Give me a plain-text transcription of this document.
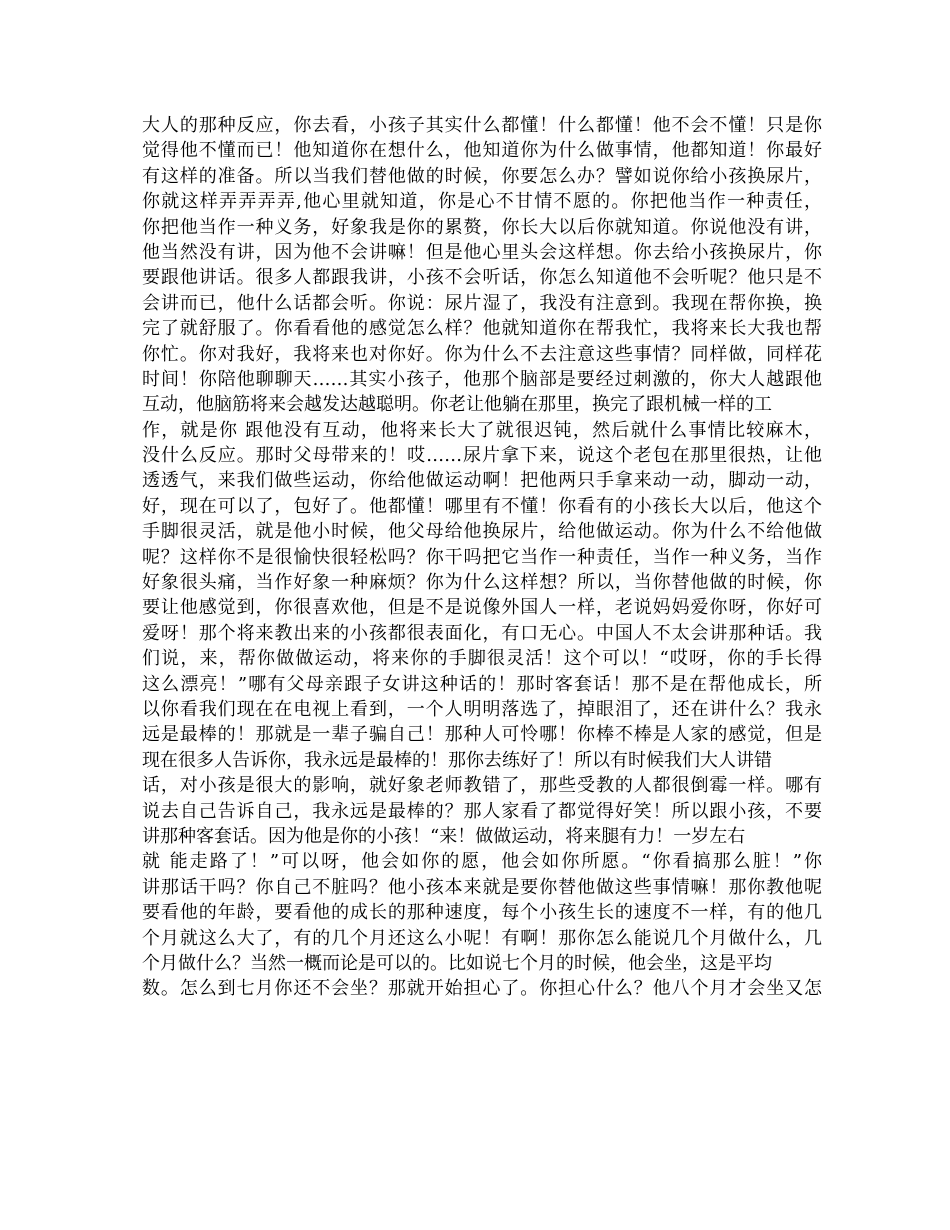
大人的那种反应，你去看，小孩子其实什么都懂！什么都懂！他不会不懂！只是你
觉得他不懂而已！他知道你在想什么，他知道你为什么做事情，他都知道！你最好
有这样的准备。所以当我们替他做的时候，你要怎么办？譬如说你给小孩换尿片，
你就这样弄弄弄弄,他心里就知道，你是心不甘情不愿的。你把他当作一种责任，
你把他当作一种义务，好象我是你的累赘，你长大以后你就知道。你说他没有讲，
他当然没有讲，因为他不会讲嘛！但是他心里头会这样想。你去给小孩换尿片，你
要跟他讲话。很多人都跟我讲，小孩不会听话，你怎么知道他不会听呢？他只是不
会讲而已，他什么话都会听。你说：尿片湿了，我没有注意到。我现在帮你换，换
完了就舒服了。你看看他的感觉怎么样？他就知道你在帮我忙，我将来长大我也帮
你忙。你对我好，我将来也对你好。你为什么不去注意这些事情？同样做，同样花
时间！你陪他聊聊天……其实小孩子，他那个脑部是要经过刺激的，你大人越跟他
互动，他脑筋将来会越发达越聪明。你老让他躺在那里，换完了跟机械一样的工
作，就是你 跟他没有互动，他将来长大了就很迟钝，然后就什么事情比较麻木，
没什么反应。那时父母带来的！哎……尿片拿下来，说这个老包在那里很热，让他
透透气，来我们做些运动，你给他做运动啊！把他两只手拿来动一动，脚动一动，
好，现在可以了，包好了。他都懂！哪里有不懂！你看有的小孩长大以后，他这个
手脚很灵活，就是他小时候，他父母给他换尿片，给他做运动。你为什么不给他做
呢？这样你不是很愉快很轻松吗？你干吗把它当作一种责任，当作一种义务，当作
好象很头痛，当作好象一种麻烦？你为什么这样想？所以，当你替他做的时候，你
要让他感觉到，你很喜欢他，但是不是说像外国人一样，老说妈妈爱你呀，你好可
爱呀！那个将来教出来的小孩都很表面化，有口无心。中国人不太会讲那种话。我
们说，来，帮你做做运动，将来你的手脚很灵活！这个可以！“哎呀，你的手长得
这么漂亮！”哪有父母亲跟子女讲这种话的！那时客套话！那不是在帮他成长，所
以你看我们现在在电视上看到，一个人明明落选了，掉眼泪了，还在讲什么？我永
远是最棒的！那就是一辈子骗自己！那种人可怜哪！你棒不棒是人家的感觉，但是
现在很多人告诉你，我永远是最棒的！那你去练好了！所以有时候我们大人讲错
话，对小孩是很大的影响，就好象老师教错了，那些受教的人都很倒霉一样。哪有
说去自己告诉自己，我永远是最棒的？那人家看了都觉得好笑！所以跟小孩，不要
讲那种客套话。因为他是你的小孩！“来！做做运动，将来腿有力！一岁左右
就 能走路了！”可以呀，他会如你的愿，他会如你所愿。“你看搞那么脏！”你
讲那话干吗？你自己不脏吗？他小孩本来就是要你替他做这些事情嘛！那你教他呢
要看他的年龄，要看他的成长的那种速度，每个小孩生长的速度不一样，有的他几
个月就这么大了，有的几个月还这么小呢！有啊！那你怎么能说几个月做什么，几
个月做什么？当然一概而论是可以的。比如说七个月的时候，他会坐，这是平均
数。怎么到七月你还不会坐？那就开始担心了。你担心什么？他八个月才会坐又怎
